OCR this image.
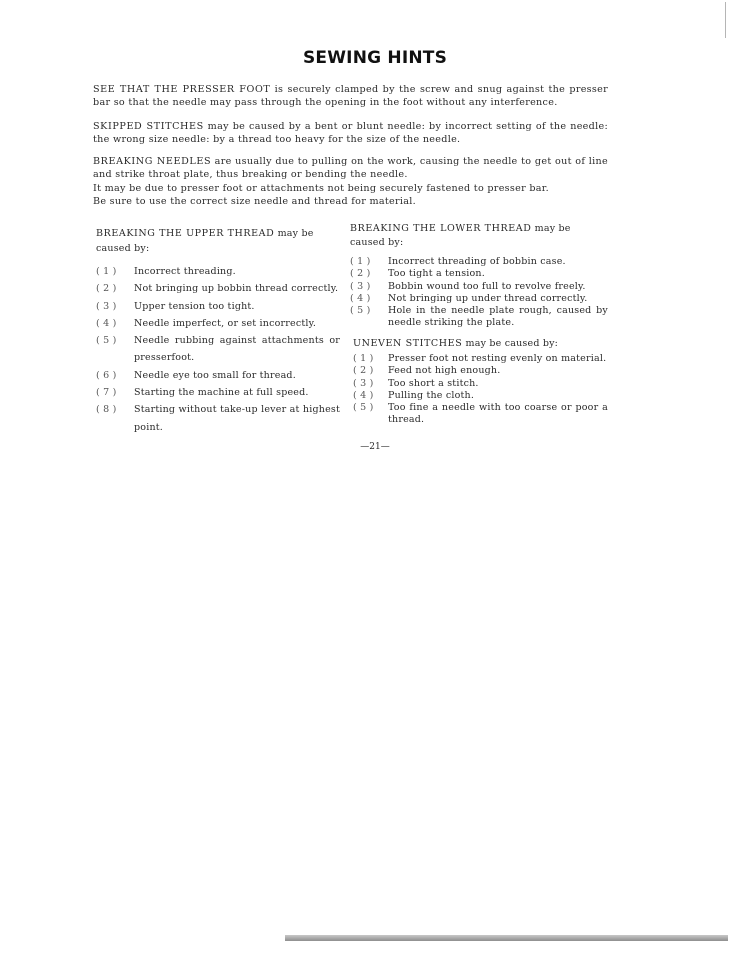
SEWING HINTS

SEE THAT THE PRESSER FOOT is securely clamped by the screw and snug against the presser bar so that the needle may pass through the opening in the foot without any interference.

SKIPPED STITCHES may be caused by a bent or blunt needle: by incorrect setting of the needle: the wrong size needle: by a thread too heavy for the size of the needle.

BREAKING NEEDLES are usually due to pulling on the work, causing the needle to get out of line and strike throat plate, thus breaking or bending the needle.

It may be due to presser foot or attachments not being securely fastened to presser bar.

Be sure to use the correct size needle and thread for material.

BREAKING THE UPPER THREAD may be caused by:

( 1 )	Incorrect threading.
( 2 )	Not bringing up bobbin thread correctly.
( 3 )	Upper tension too tight.
( 4 )	Needle imperfect, or set incorrectly.
( 5 )	Needle rubbing against attachments or presserfoot.
( 6 )	Needle eye too small for thread.
( 7 )	Starting the machine at full speed.
( 8 )	Starting without take-up lever at highest point.

BREAKING THE LOWER THREAD may be caused by:

( 1 )	Incorrect threading of bobbin case.
( 2 )	Too tight a tension.
( 3 )	Bobbin wound too full to revolve freely.
( 4 )	Not bringing up under thread correctly.
( 5 )	Hole in the needle plate rough, caused by needle striking the plate.

UNEVEN STITCHES may be caused by:

( 1 )	Presser foot not resting evenly on material.
( 2 )	Feed not high enough.
( 3 )	Too short a stitch.
( 4 )	Pulling the cloth.
( 5 )	Too fine a needle with too coarse or poor a thread.
—21—
